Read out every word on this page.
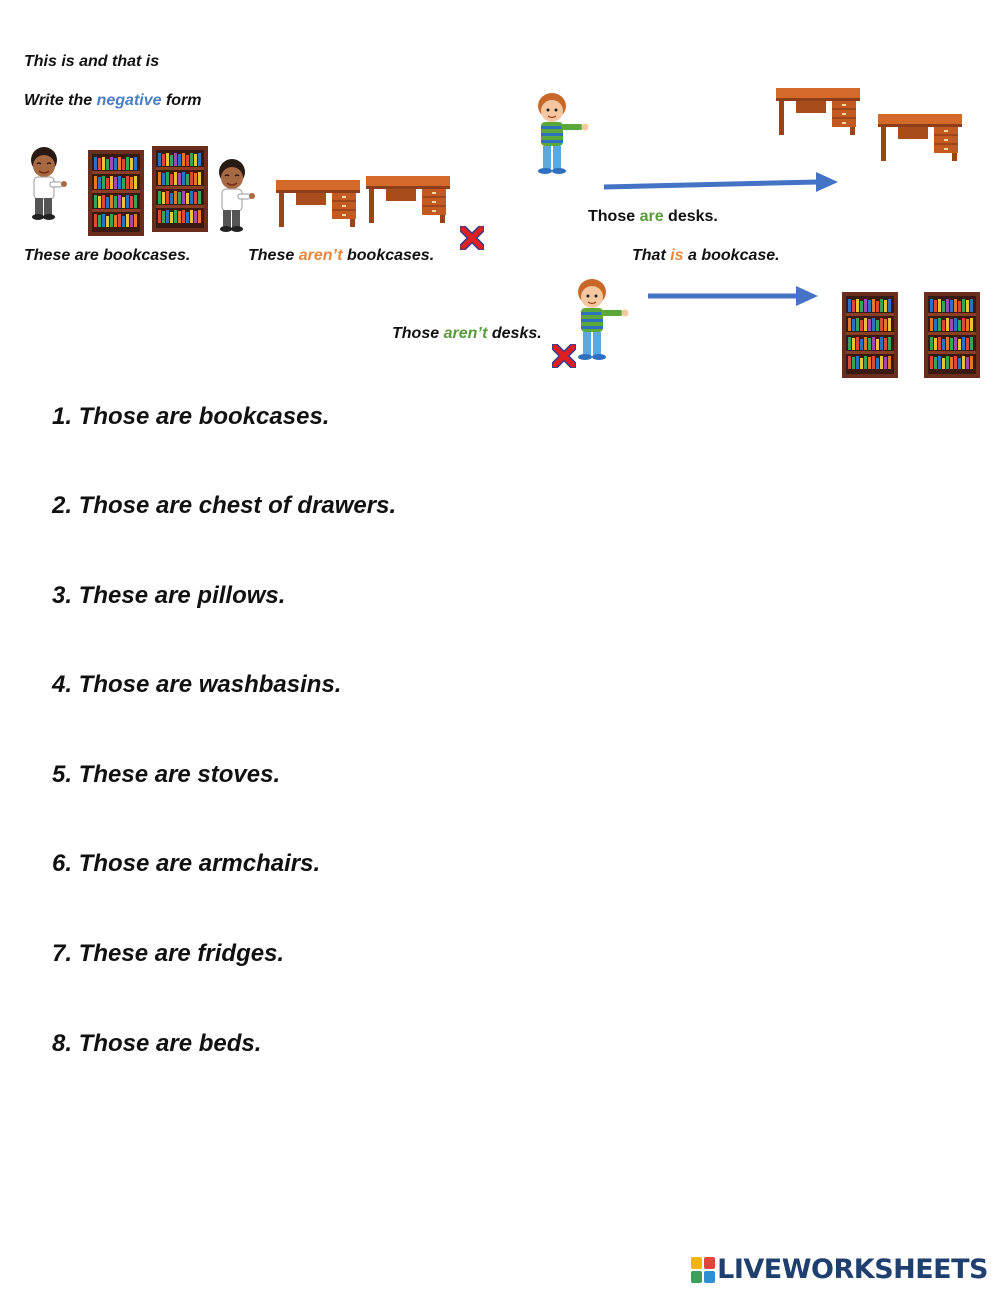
This is and that is
Write the negative form
These are bookcases.	These aren’t bookcases.
Those are desks.
That is a bookcase.
Those aren’t desks.
1. Those are bookcases.
2. Those are chest of drawers.
3. These are pillows.
4. Those are washbasins.
5. These are stoves.
6. Those are armchairs.
7. These are fridges.
8. Those are beds.
LIVEWORKSHEETS
